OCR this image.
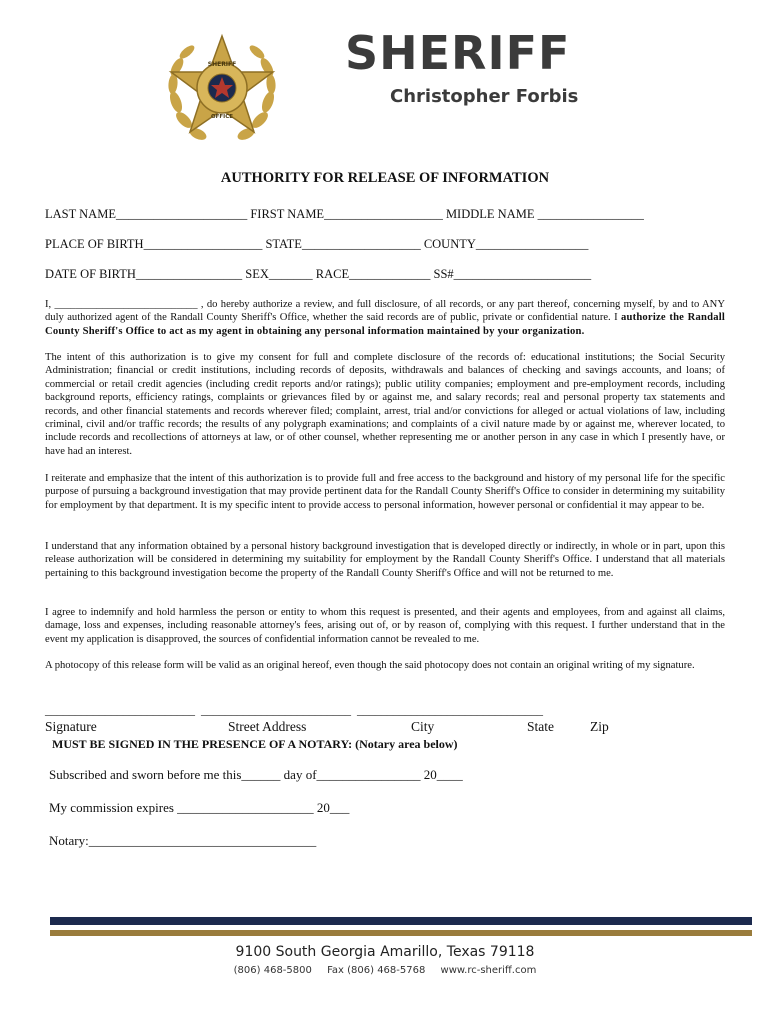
SHERIFF
OFFICE
SHERIFF
Christopher Forbis
AUTHORITY FOR RELEASE OF INFORMATION
LAST NAME_____________________ FIRST NAME___________________ MIDDLE NAME _________________
PLACE OF BIRTH___________________ STATE___________________ COUNTY__________________
DATE OF BIRTH_________________ SEX_______ RACE_____________ SS#______________________
I, ___________________________ , do hereby authorize a review, and full disclosure, of all records, or any part thereof, concerning myself, by and to ANY duly authorized agent of the Randall County Sheriff's Office, whether the said records are of public, private or confidential nature. I authorize the Randall County Sheriff's Office to act as my agent in obtaining any personal information maintained by your organization.
The intent of this authorization is to give my consent for full and complete disclosure of the records of: educational institutions; the Social Security Administration; financial or credit institutions, including records of deposits, withdrawals and balances of checking and savings accounts, and loans; of commercial or retail credit agencies (including credit reports and/or ratings); public utility companies; employment and pre-employment records, including background reports, efficiency ratings, complaints or grievances filed by or against me, and salary records; real and personal property tax statements and records, and other financial statements and records wherever filed; complaint, arrest, trial and/or convictions for alleged or actual violations of law, including criminal, civil and/or traffic records; the results of any polygraph examinations; and complaints of a civil nature made by or against me, wherever located, to include records and recollections of attorneys at law, or of other counsel, whether representing me or another person in any case in which I presently have, or have had an interest.
I reiterate and emphasize that the intent of this authorization is to provide full and free access to the background and history of my personal life for the specific purpose of pursuing a background investigation that may provide pertinent data for the Randall County Sheriff's Office to consider in determining my suitability for employment by that department. It is my specific intent to provide access to personal information, however personal or confidential it may appear to be.
I understand that any information obtained by a personal history background investigation that is developed directly or indirectly, in whole or in part, upon this release authorization will be considered in determining my suitability for employment by the Randall County Sheriff's Office. I understand that all materials pertaining to this background investigation become the property of the Randall County Sheriff's Office and will not be returned to me.
I agree to indemnify and hold harmless the person or entity to whom this request is presented, and their agents and employees, from and against all claims, damage, loss and expenses, including reasonable attorney's fees, arising out of, or by reason of, complying with this request. I further understand that in the event my application is disapproved, the sources of confidential information cannot be revealed to me.
A photocopy of this release form will be valid as an original hereof, even though the said photocopy does not contain an original writing of my signature.
_________________________  _________________________  _______________________________
Signature	Street Address	City	State	Zip
MUST BE SIGNED IN THE PRESENCE OF A NOTARY: (Notary area below)
Subscribed and sworn before me this______ day of________________ 20____
My commission expires _____________________ 20___
Notary:___________________________________
9100 South Georgia Amarillo, Texas 79118
(806) 468-5800 Fax (806) 468-5768 www.rc-sheriff.com
